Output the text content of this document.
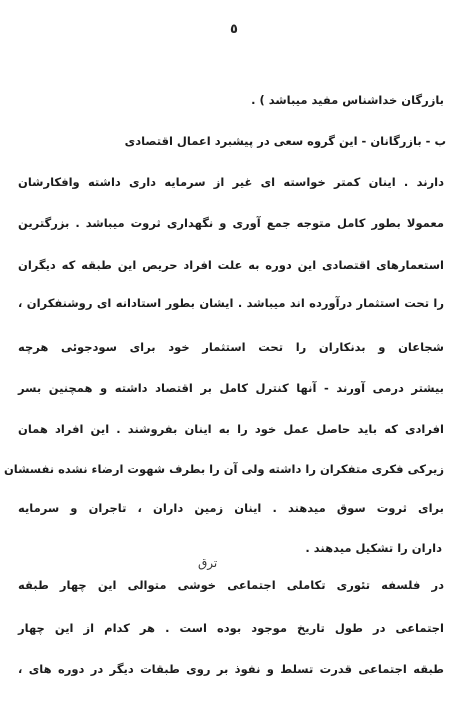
٥
بازرگان خداشناس مفید میباشد ) .
ب - بازرگانان - این گروه سعی در پیشبرد اعمال اقتصادی
دارند . اینان کمتر خواسته ای غیر از سرمایه داری داشته وافکارشان
معمولا بطور کامل متوجه جمع آوری و نگهداری ثروت میباشد . بزرگترین
استعمارهای اقتصادی این دوره به علت افراد حریص این طبقه که دیگران
را تحت استثمار درآورده اند میباشد . ایشان بطور استادانه ای روشنفکران ،
شجاعان و بدنکاران را تحت استثمار خود برای سودجوئی هرچه
بیشتر درمی آورند - آنها کنترل کامل بر اقتصاد داشته و همچنین بسر
افرادی که باید حاصل عمل خود را به اینان بفروشند . این افراد همان
زیرکی فکری متفکران را داشته ولی آن را بطرف شهوت ارضاء نشده نفسشان
برای ثروت سوق میدهند . اینان زمین داران ، تاجران و سرمایه
داران را تشکیل میدهند .
ترق
در فلسفه تئوری تکاملی اجتماعی خوشی متوالی این چهار طبقه
اجتماعی در طول تاریخ موجود بوده است . هر کدام از این چهار
طبقه اجتماعی قدرت تسلط و نفوذ بر روی طبقات دیگر در دوره های ،
